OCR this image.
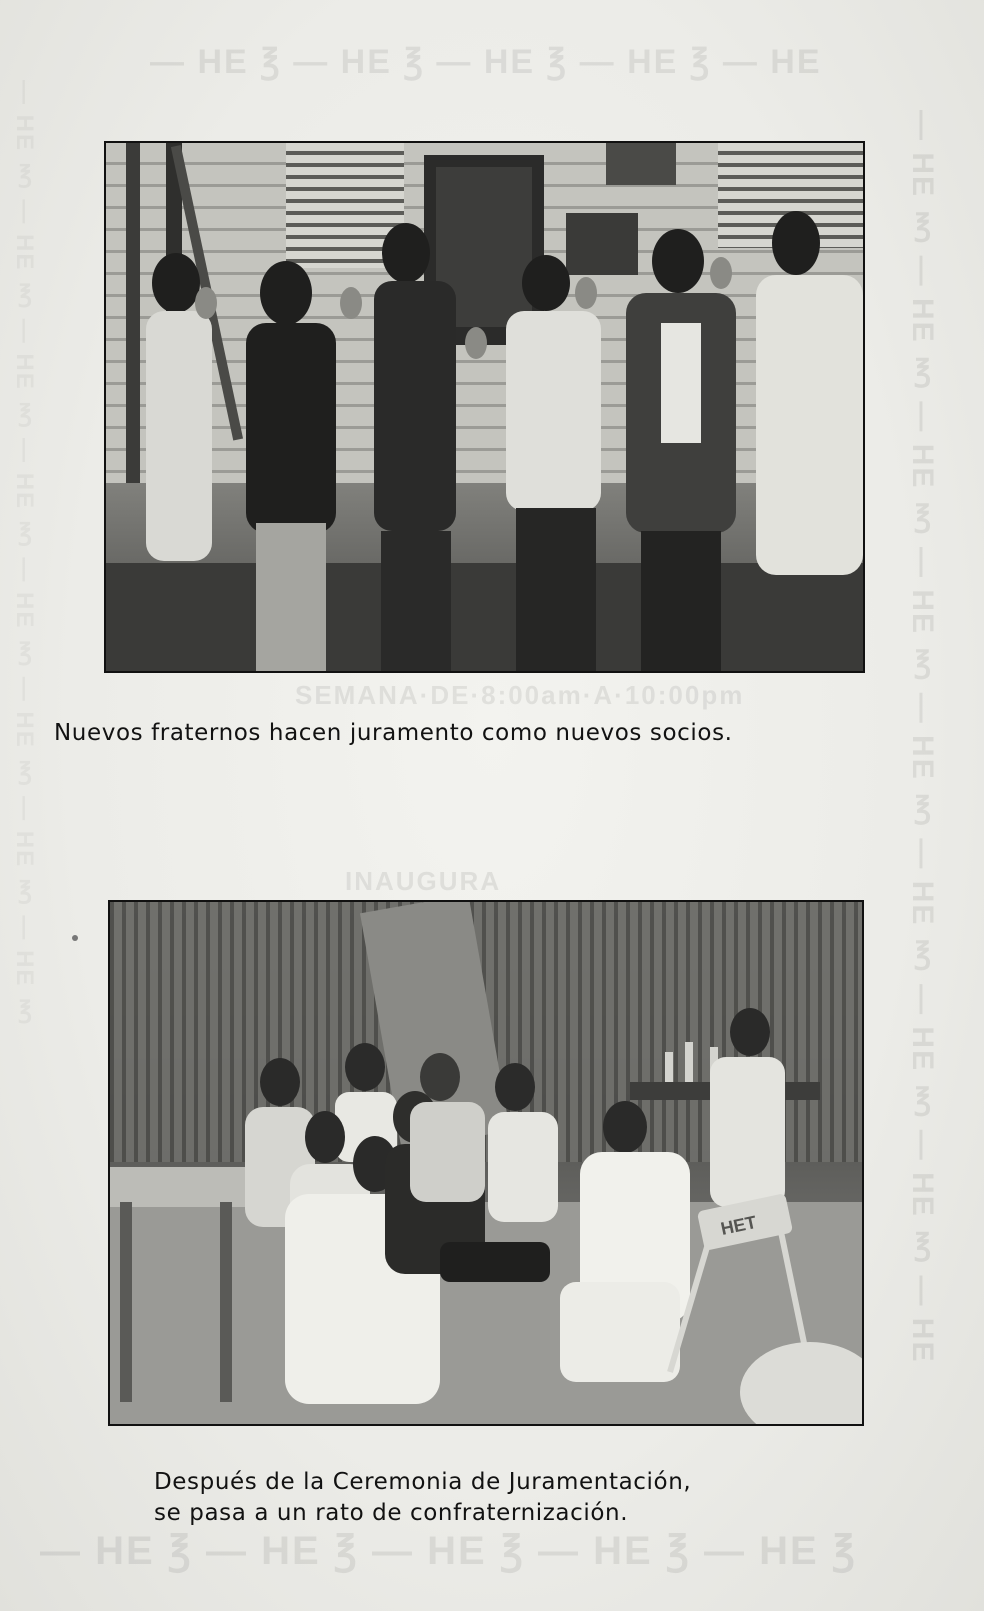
— HE ℥ — HE ℥ — HE ℥ — HE ℥ — HE
— HE ℥ — HE ℥ — HE ℥ — HE ℥ — HE ℥
— HE ℥ — HE ℥ — HE ℥ — HE ℥ — HE ℥ — HE ℥ — HE ℥ — HE ℥ — HE
— HE ℥ — HE ℥ — HE ℥ — HE ℥ — HE ℥ — HE ℥ — HE ℥ — HE ℥	SEMANA·DE·8:00am·A·10:00pm
INAUGURA
Nuevos fraternos hacen juramento como nuevos socios.
HET
Después de la Ceremonia de Juramentación,
se pasa a un rato de confraternización.
